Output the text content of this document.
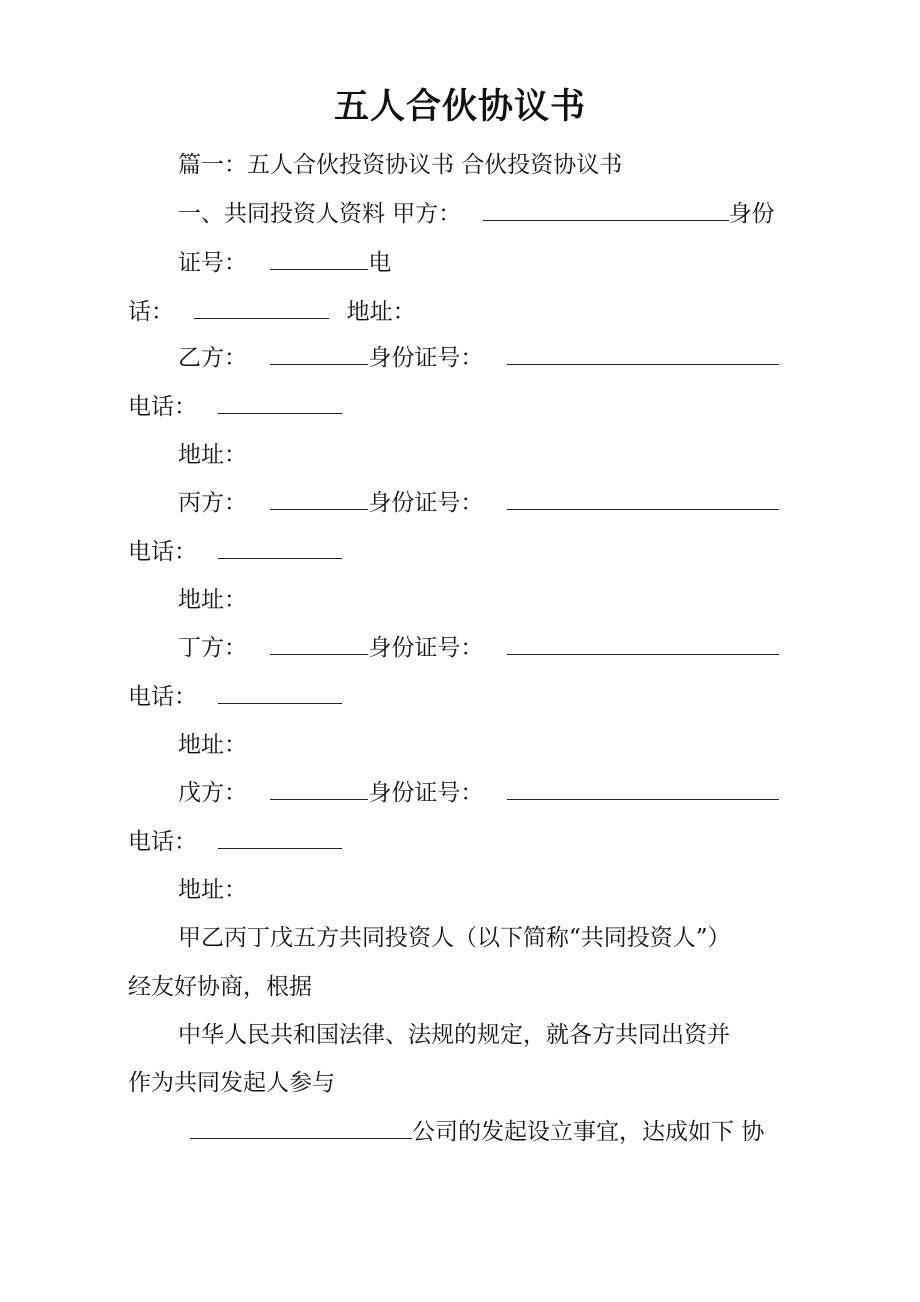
五人合伙协议书
篇一：五人合伙投资协议书 合伙投资协议书
一、共同投资人资料 甲方：	身份
证号：	电
话：	地址：
乙方：	身份证号：
电话：
地址：
丙方：	身份证号：
电话：
地址：
丁方：	身份证号：
电话：
地址：
戊方：	身份证号：
电话：
地址：
甲乙丙丁戊五方共同投资人（以下简称“共同投资人”）
经友好协商，根据
中华人民共和国法律、法规的规定，就各方共同出资并
作为共同发起人参与
公司的发起设立事宜，达成如下 协
